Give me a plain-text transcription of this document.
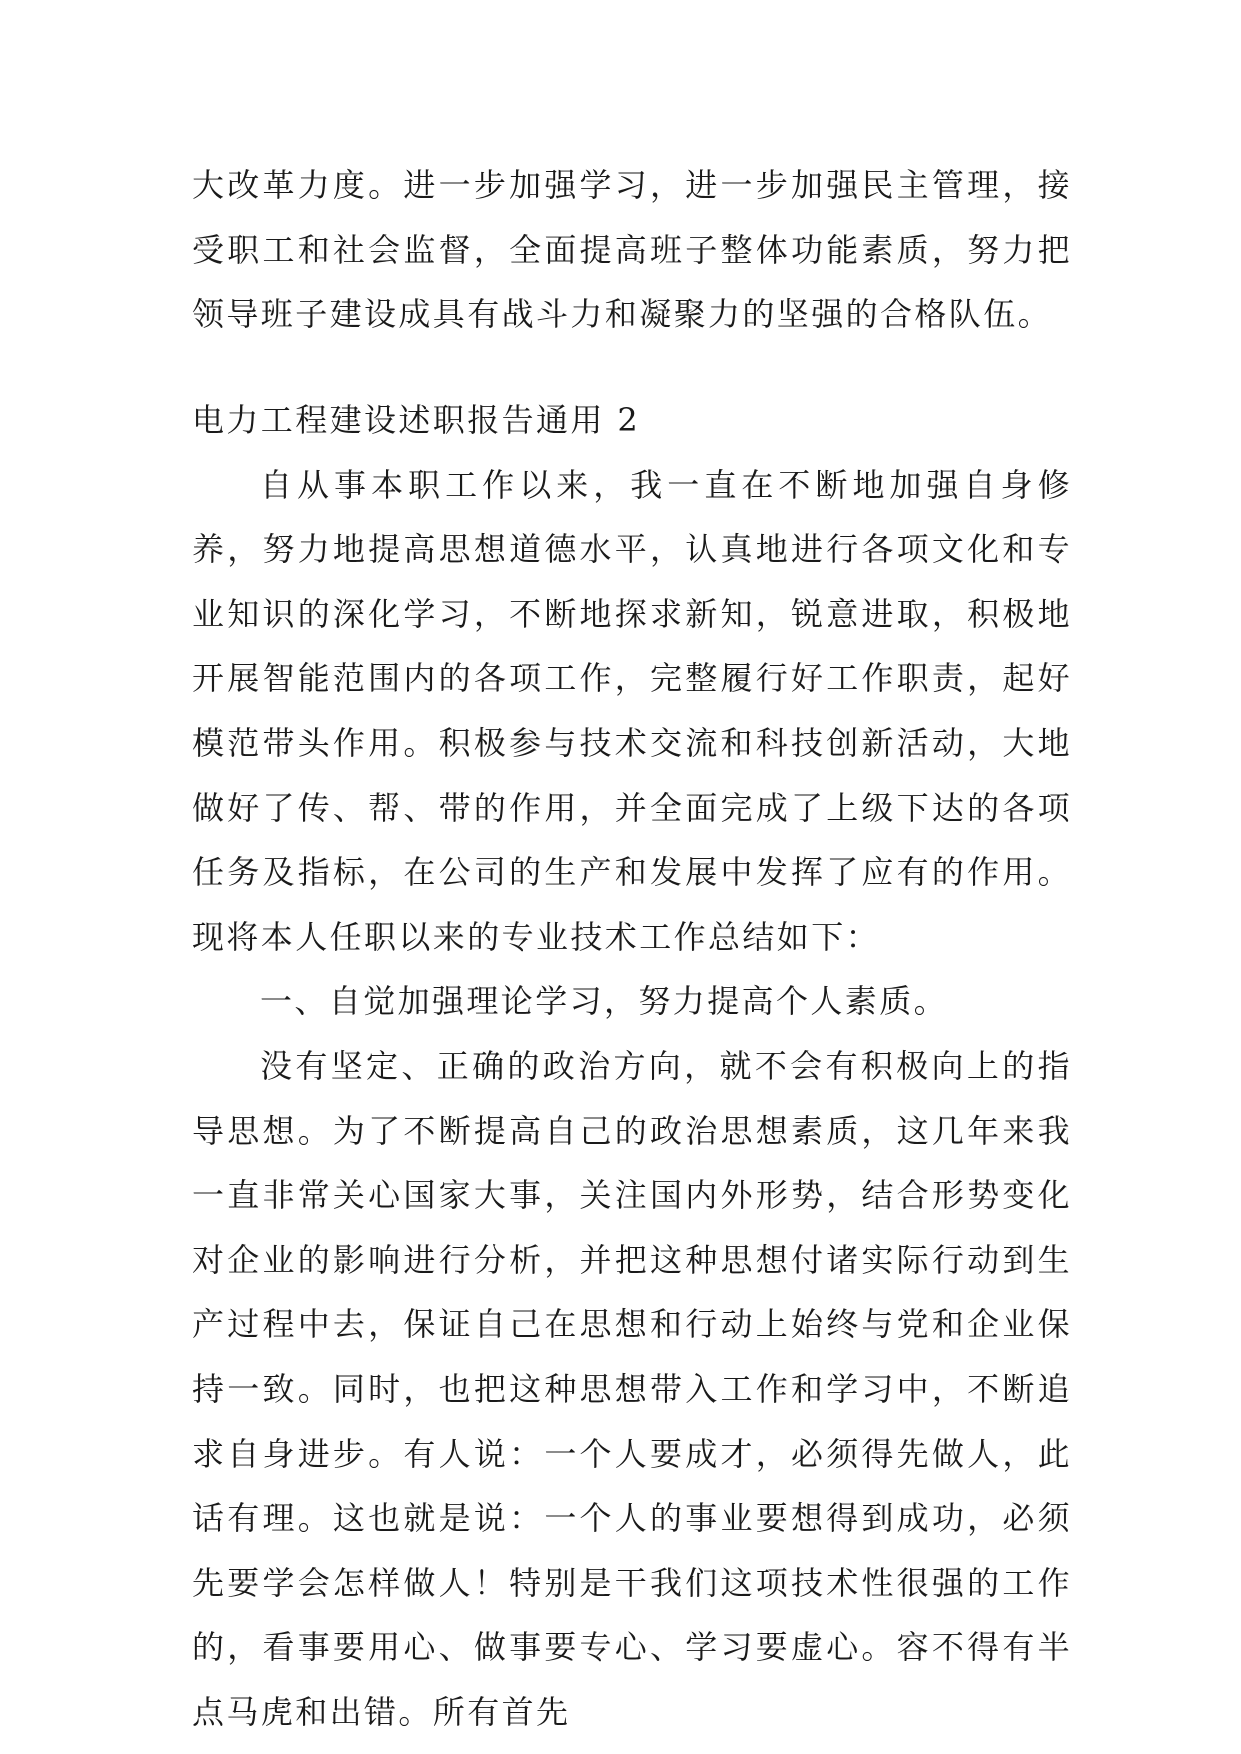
大改革力度。进一步加强学习，进一步加强民主管理，接受职工和社会监督，全面提高班子整体功能素质，努力把领导班子建设成具有战斗力和凝聚力的坚强的合格队伍。

电力工程建设述职报告通用 2

自从事本职工作以来，我一直在不断地加强自身修养，努力地提高思想道德水平，认真地进行各项文化和专业知识的深化学习，不断地探求新知，锐意进取，积极地开展智能范围内的各项工作，完整履行好工作职责，起好模范带头作用。积极参与技术交流和科技创新活动，大地做好了传、帮、带的作用，并全面完成了上级下达的各项任务及指标，在公司的生产和发展中发挥了应有的作用。现将本人任职以来的专业技术工作总结如下：

一、自觉加强理论学习，努力提高个人素质。

没有坚定、正确的政治方向，就不会有积极向上的指导思想。为了不断提高自己的政治思想素质，这几年来我一直非常关心国家大事，关注国内外形势，结合形势变化对企业的影响进行分析，并把这种思想付诸实际行动到生产过程中去，保证自己在思想和行动上始终与党和企业保持一致。同时，也把这种思想带入工作和学习中，不断追求自身进步。有人说：一个人要成才，必须得先做人，此话有理。这也就是说：一个人的事业要想得到成功，必须先要学会怎样做人！特别是干我们这项技术性很强的工作的，看事要用心、做事要专心、学习要虚心。容不得有半点马虎和出错。所有首先
